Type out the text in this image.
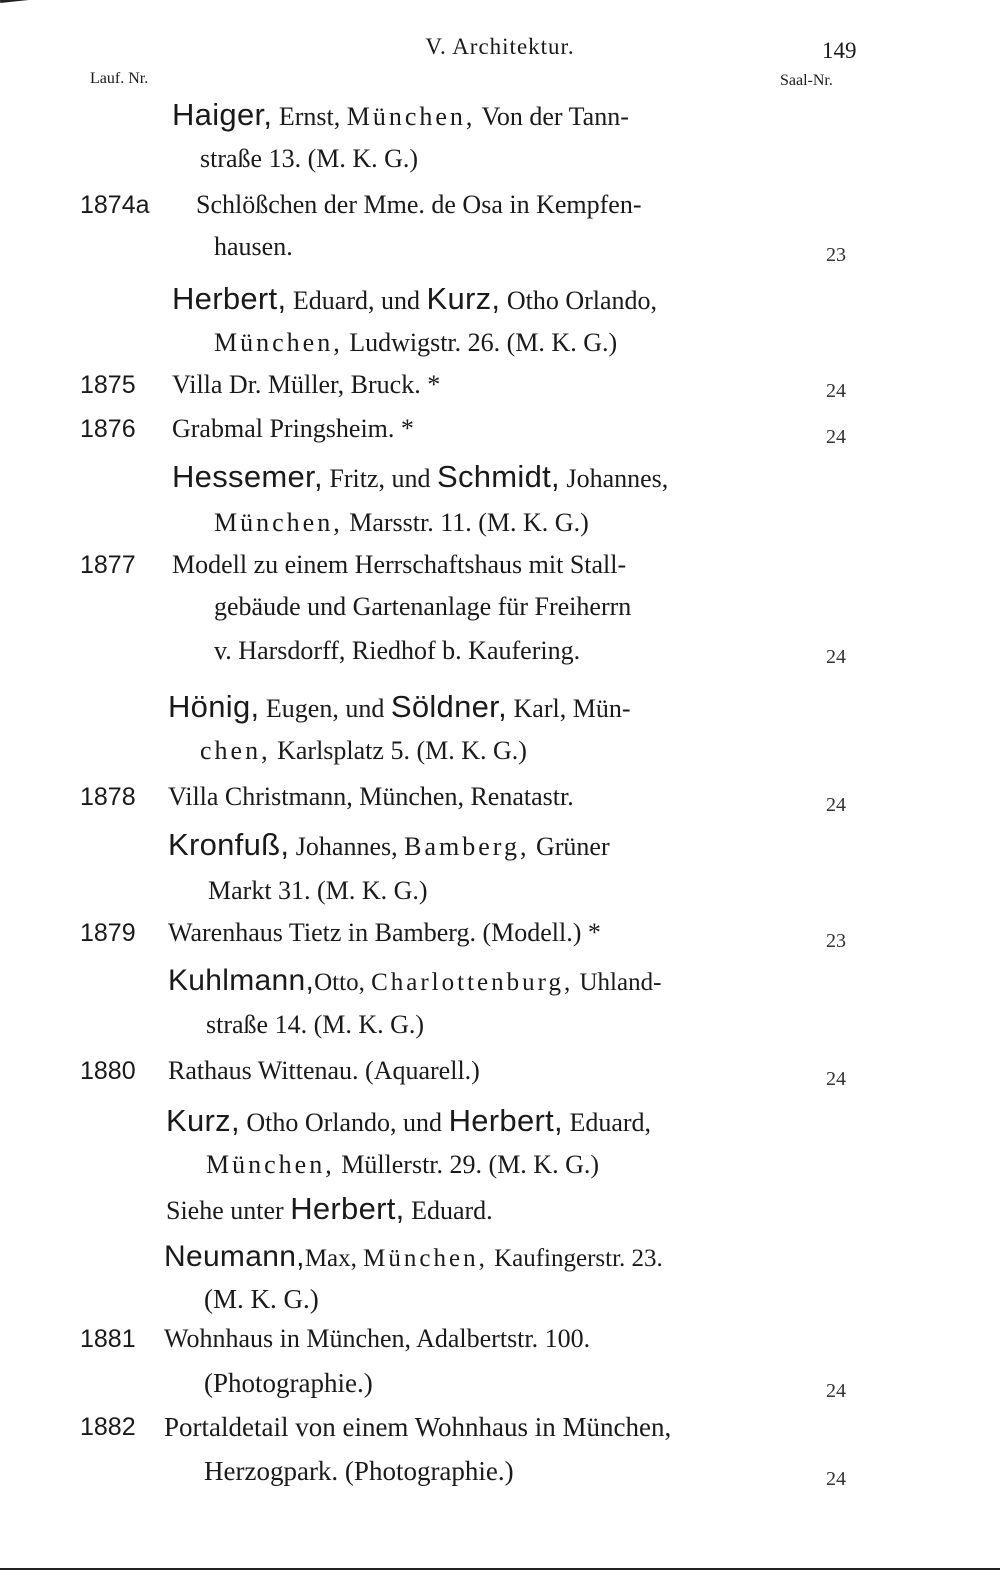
V. Architektur.	149
Lauf. Nr.	Saal-Nr.
Haiger, Ernst, München, Von der Tann-
straße 13. (M. K. G.)
1874a Schlößchen der Mme. de Osa in Kempfen-
hausen.	23
Herbert, Eduard, und Kurz, Otho Orlando,
München, Ludwigstr. 26. (M. K. G.)
1875 Villa Dr. Müller, Bruck. *	24
1876 Grabmal Pringsheim. *	24
Hessemer, Fritz, und Schmidt, Johannes,
München, Marsstr. 11. (M. K. G.)
1877 Modell zu einem Herrschaftshaus mit Stall-
gebäude und Gartenanlage für Freiherrn
v. Harsdorff, Riedhof b. Kaufering.	24
Hönig, Eugen, und Söldner, Karl, Mün-
chen, Karlsplatz 5. (M. K. G.)
1878 Villa Christmann, München, Renatastr.	24
Kronfuß, Johannes, Bamberg, Grüner
Markt 31. (M. K. G.)
1879 Warenhaus Tietz in Bamberg. (Modell.) *	23
Kuhlmann,Otto, Charlottenburg, Uhland-
straße 14. (M. K. G.)
1880 Rathaus Wittenau. (Aquarell.)	24
Kurz, Otho Orlando, und Herbert, Eduard,
München, Müllerstr. 29. (M. K. G.)
Siehe unter Herbert, Eduard.
Neumann,Max, München, Kaufingerstr. 23.
(M. K. G.)
1881 Wohnhaus in München, Adalbertstr. 100.
(Photographie.)	24
1882 Portaldetail von einem Wohnhaus in München,
Herzogpark. (Photographie.)	24
